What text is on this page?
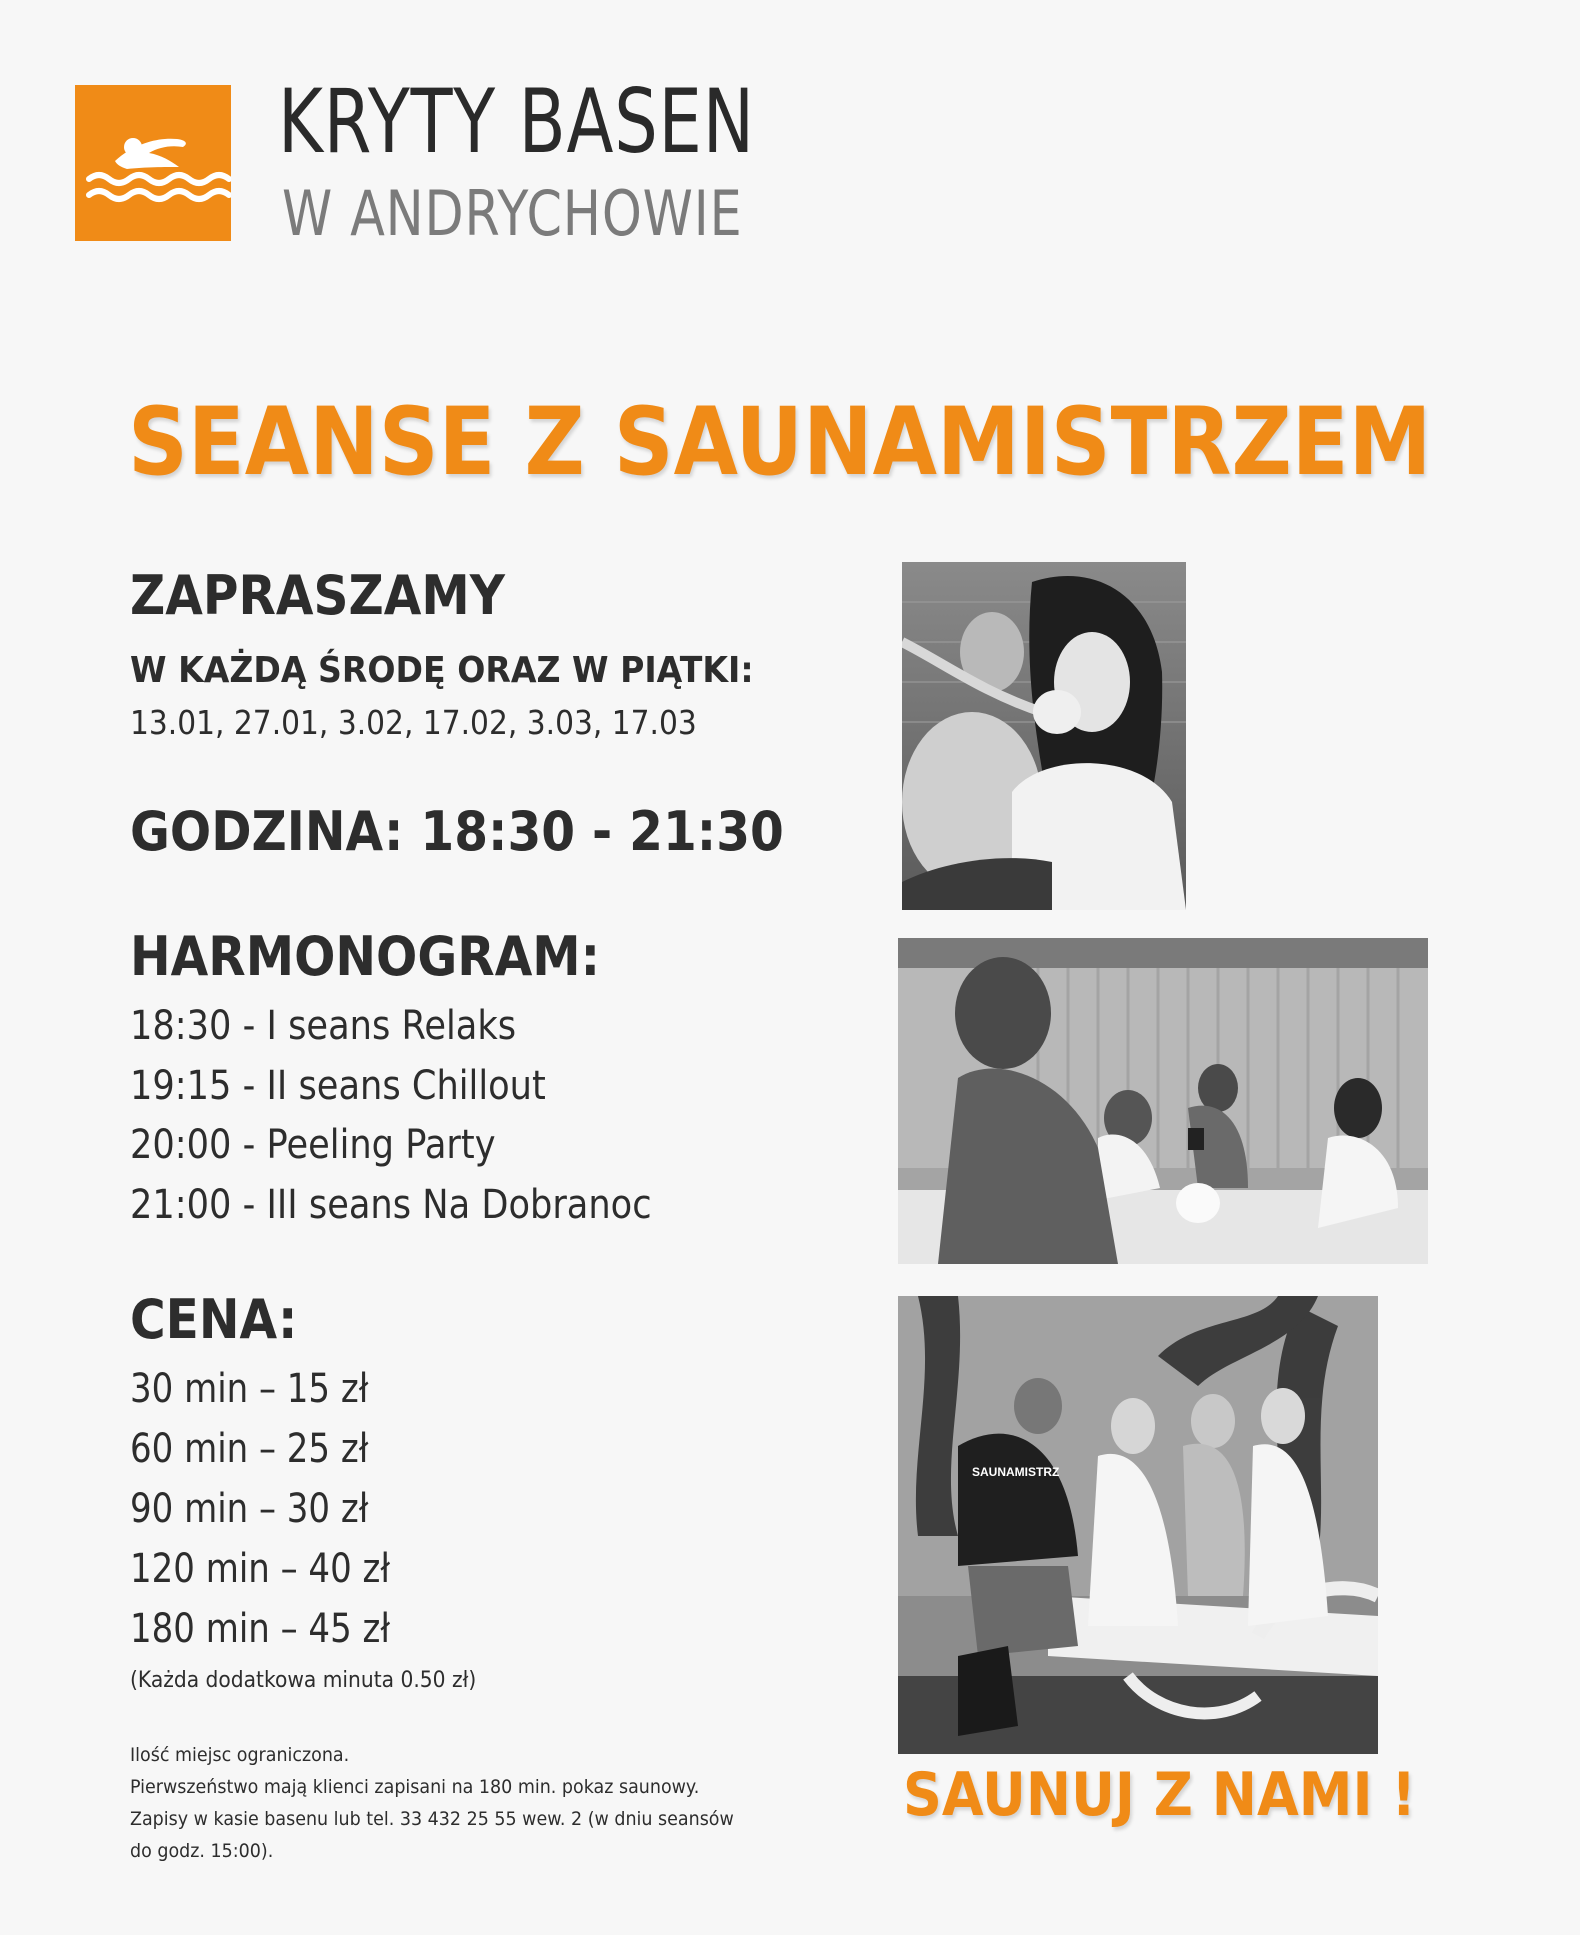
KRYTY BASEN
W ANDRYCHOWIE
SEANSE Z SAUNAMISTRZEM
ZAPRASZAMY
W KAŻDĄ ŚRODĘ ORAZ W PIĄTKI:
13.01, 27.01, 3.02, 17.02, 3.03, 17.03
GODZINA: 18:30 - 21:30
HARMONOGRAM:
18:30 - I seans Relaks
19:15 - II seans Chillout
20:00 - Peeling Party
21:00 - III seans Na Dobranoc
CENA:
30 min – 15 zł
60 min – 25 zł
90 min – 30 zł
120 min – 40 zł
180 min – 45 zł
(Każda dodatkowa minuta 0.50 zł)
Ilość miejsc ograniczona.
Pierwszeństwo mają klienci zapisani na 180 min. pokaz saunowy.
Zapisy w kasie basenu lub tel. 33 432 25 55 wew. 2 (w dniu seansów
do godz. 15:00).
SAUNAMISTRZ
SAUNUJ Z NAMI !
